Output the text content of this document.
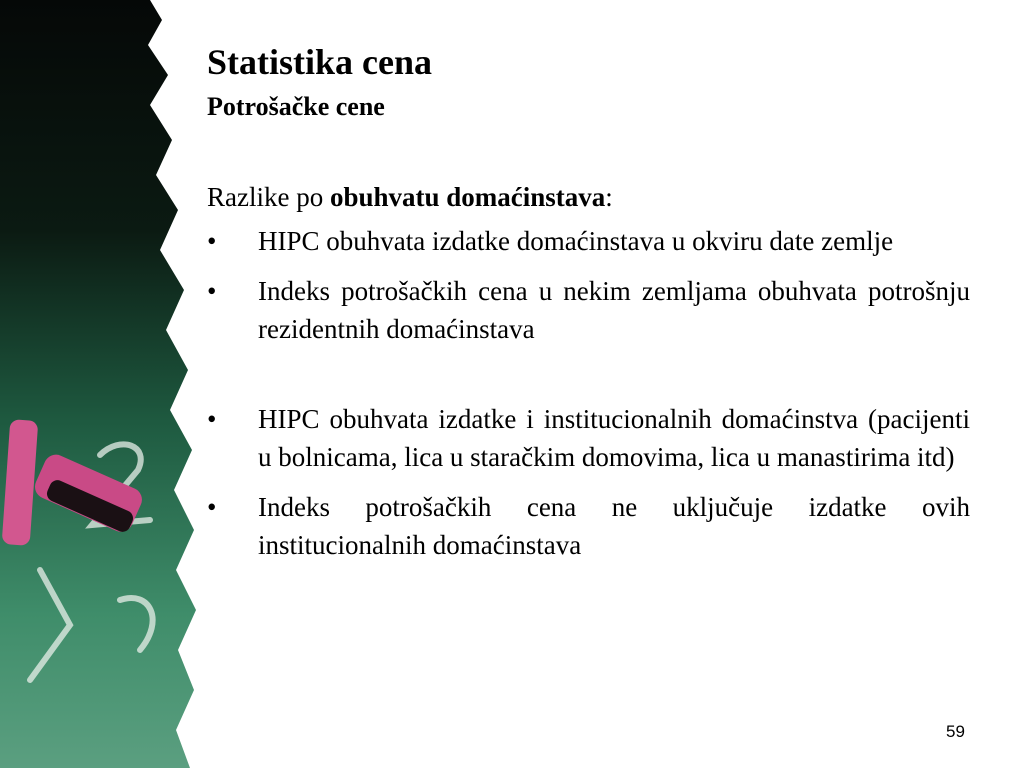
Statistika cena
Potrošačke cene

Razlike po obuhvatu domaćinstava:

• HIPC obuhvata izdatke domaćinstava u okviru date zemlje
• Indeks potrošačkih cena u nekim zemljama obuhvata potrošnju rezidentnih domaćinstava
• HIPC obuhvata izdatke i institucionalnih domaćinstva (pacijenti u bolnicama, lica u staračkim domovima, lica u manastirima itd)
• Indeks potrošačkih cena ne uključuje izdatke ovih institucionalnih domaćinstava
59
